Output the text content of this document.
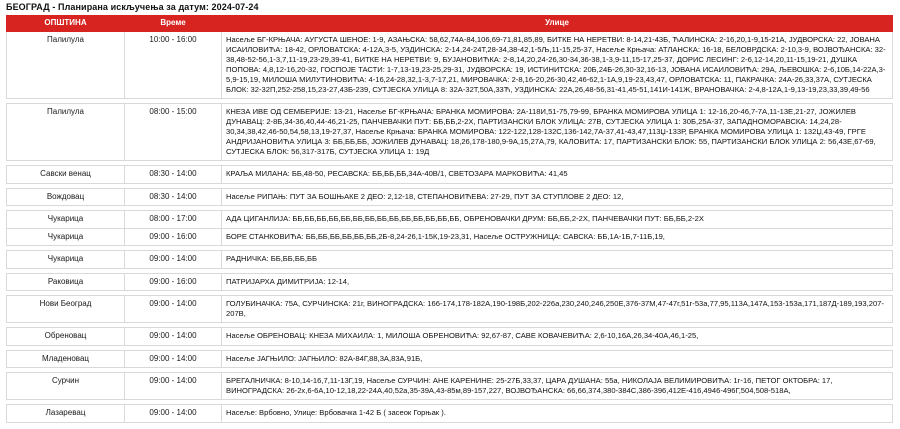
БЕОГРАД - Планирана искључења за датум: 2024-07-24
ОПШТИНА	Време	Улице
Палилула	10:00 - 16:00	Насеље БГ-КРЊАЧА: АУГУСТА ШЕНОЕ: 1-9, АЗАЊСКА: 58,62,74А-84,106,69-71,81,85,89, БИТКЕ НА НЕРЕТВИ: 8-14,21-43Б, ЋАЛИНСКА: 2-16,20,1-9,15-21А, ЈУДВОРСКА: 22, ЈОВАНА ИСАИЛОВИЋА: 18-42, ОРЛОВАТСКА: 4-12А,3-5, УЗДИНСКА: 2-14,24-24Т,28-34,38-42,1-5Љ,11-15,25-37, Насеље Крњача: АТЛАНСКА: 16-18, БЕЛОВРДСКА: 2-10,3-9, ВОЈВОЂАНСКА: 32-38,48-52-56,1-3,7,11-19,23-29,39-41, БИТКЕ НА НЕРЕТВИ: 9, БУЈАНОВИЋКА: 2-8,14,20,24-26,30-34,36-38,1-3,9-11,15-17,25-37, ДОРИС ЛЕСИНГ: 2-6,12-14,20,11-15,19-21, ДУШКА ПОПОВА: 4,8,12-16,20-32, ГОСПОЈЕ ТАСТИ: 1-7,13-19,23-25,29-31, ЈУДВОРСКА: 19, ИСТИНИТСКА: 20Б,24Б-26,30-32,16-13, ЈОВАНА ИСАИЛОВИЋА: 29А, ЉЕВОШКА: 2-6,10Б,14-22А,3-5,9-15,19, МИЛОША МИЛУТИНОВИЋА: 4-16,24-28,32,1-3,7-17,21, МИРОВАЧКА: 2-8,16-20,26-30,42,46-62,1-1А,9,19-23,43,47, ОРЛОВАТСКА: 11, ПАКРАЧКА: 24А-26,33,37А, СУТЈЕСКА БЛОК: 32-32П,252-258,15,23-27,43Б-239, СУТЈЕСКА УЛИЦА 8: 32А-32Т,50А,33Ћ, УЗДИНСКА: 22А,26,48-56,31-41,45-51,141И-141Ж, ВРАНОВАЧКА: 2-4,8-12А,1-9,13-19,23,33,39,49-56

Палилула	08:00 - 15:00	КНЕЗА ИВЕ ОД СЕМБЕРИЈЕ: 13-21, Насеље БГ-КРЊАЧА: БРАНКА МОМИРОВА: 2А-118И,51-75,79-99, БРАНКА МОМИРОВА УЛИЦА 1: 12-16,20-46,7-7А,11-13Е,21-27, ЈОЖИЛЕВ ДУНАВАЦ: 2-8Б,34-36,40,44-46,21-25, ПАНЧЕВАЧКИ ПУТ: ББ,ББ,2-2Х, ПАРТИЗАНСКИ БЛОК УЛИЦА: 27В, СУТЈЕСКА УЛИЦА 1: 30Б,25А-37, ЗАПАДНОМОРАВСКА: 14,24,28-30,34,38,42,46-50,54,58,13,19-27,37, Насеље Крњача: БРАНКА МОМИРОВА: 122-122,128-132С,136-142,7А-37,41-43,47,113Џ-133Р, БРАНКА МОМИРОВА УЛИЦА 1: 132Џ,43-49, ГРГЕ АНДРИЈАНОВИЋА УЛИЦА 3: ББ,ББ,ББ, ЈОЖИЛЕВ ДУНАВАЦ: 18,26,178-180,9-9А,15,27А,79, КАЛОВИТА: 17, ПАРТИЗАНСКИ БЛОК: 55, ПАРТИЗАНСКИ БЛОК УЛИЦА 2: 56,43Е,67-69, СУТЈЕСКА БЛОК: 56,317-317Б, СУТЈЕСКА УЛИЦА 1: 19Д

Савски венац	08:30 - 14:00	КРАЉА МИЛАНА: ББ,48-50, РЕСАВСКА: ББ,ББ,ББ,34А-40В/1, СВЕТОЗАРА МАРКОВИЋА: 41,45

Вождовац	08:30 - 14:00	Насеље РИПАЊ: ПУТ ЗА БОШЊАКЕ 2 ДЕО: 2,12-18, СТЕПАНОВИЋЕВА: 27-29, ПУТ ЗА СТУПЛОВЕ 2 ДЕО: 12,

Чукарица	08:00 - 17:00	АДА ЦИГАНЛИЈА: ББ,ББ,ББ,ББ,ББ,ББ,ББ,ББ,ББ,ББ,ББ,ББ,ББ,ББ, ОБРЕНОВАЧКИ ДРУМ: ББ,ББ,2-2Х, ПАНЧЕВАЧКИ ПУТ: ББ,ББ,2-2Х
Чукарица	09:00 - 16:00	БОРЕ СТАНКОВИЋА: ББ,ББ,ББ,ББ,ББ,ББ,2Б-8,24-26,1-15К,19-23,31, Насеље ОСТРУЖНИЦА: САВСКА: ББ,1А-1Б,7-11Б,19,

Чукарица	09:00 - 14:00	РАДНИЧКА: ББ,ББ,ББ,ББ

Раковица	09:00 - 16:00	ПАТРИЈАРХА ДИМИТРИЈА: 12-14,

Нови Београд	09:00 - 14:00	ГОЛУБИНАЧКА: 75А, СУРЧИНСКА: 21г, ВИНОГРАДСКА: 166-174,178-182А,190-198Б,202-226а,230,240,246,250Е,376-37М,47-47г,51г-53а,77,95,113А,147А,153-153а,171,187Д-189,193,207-207В,

Обреновац	09:00 - 14:00	Насеље ОБРЕНОВАЦ: КНЕЗА МИХАИЛА: 1, МИЛОША ОБРЕНОВИЋА: 92,67-87, САВЕ КОВАЧЕВИЋА: 2,6-10,16А,26,34-40А,46,1-25,

Младеновац	09:00 - 14:00	Насеље ЈАГЊИЛО: ЈАГЊИЛО: 82А-84Г,88,3А,83А,91Б,

Сурчин	09:00 - 14:00	БРЕГАЛНИЧКА: 8-10,14-16,7,11-13Г,19, Насеље СУРЧИН: АНЕ КАРЕНИНЕ: 25-27Б,33,37, ЦАРА ДУШАНА: 55а, НИКОЛАЈА ВЕЛИМИРОВИЋА: 1г-16, ПЕТОГ ОКТОБРА: 17, ВИНОГРАДСКА: 26-2х,6-6А,10-12,18,22-24А,40,52а,35-39А,43-85м,89-157,227, ВОЈВОЂАНСКА: 66,66,374,380-384С,386-396,412Е-416,4946-496Г,504,508-518А,

Лазаревац	09:00 - 14:00	Насеље: Врбовно, Улице: Врбовачка 1-42 Б ( засеок Горњак ).
